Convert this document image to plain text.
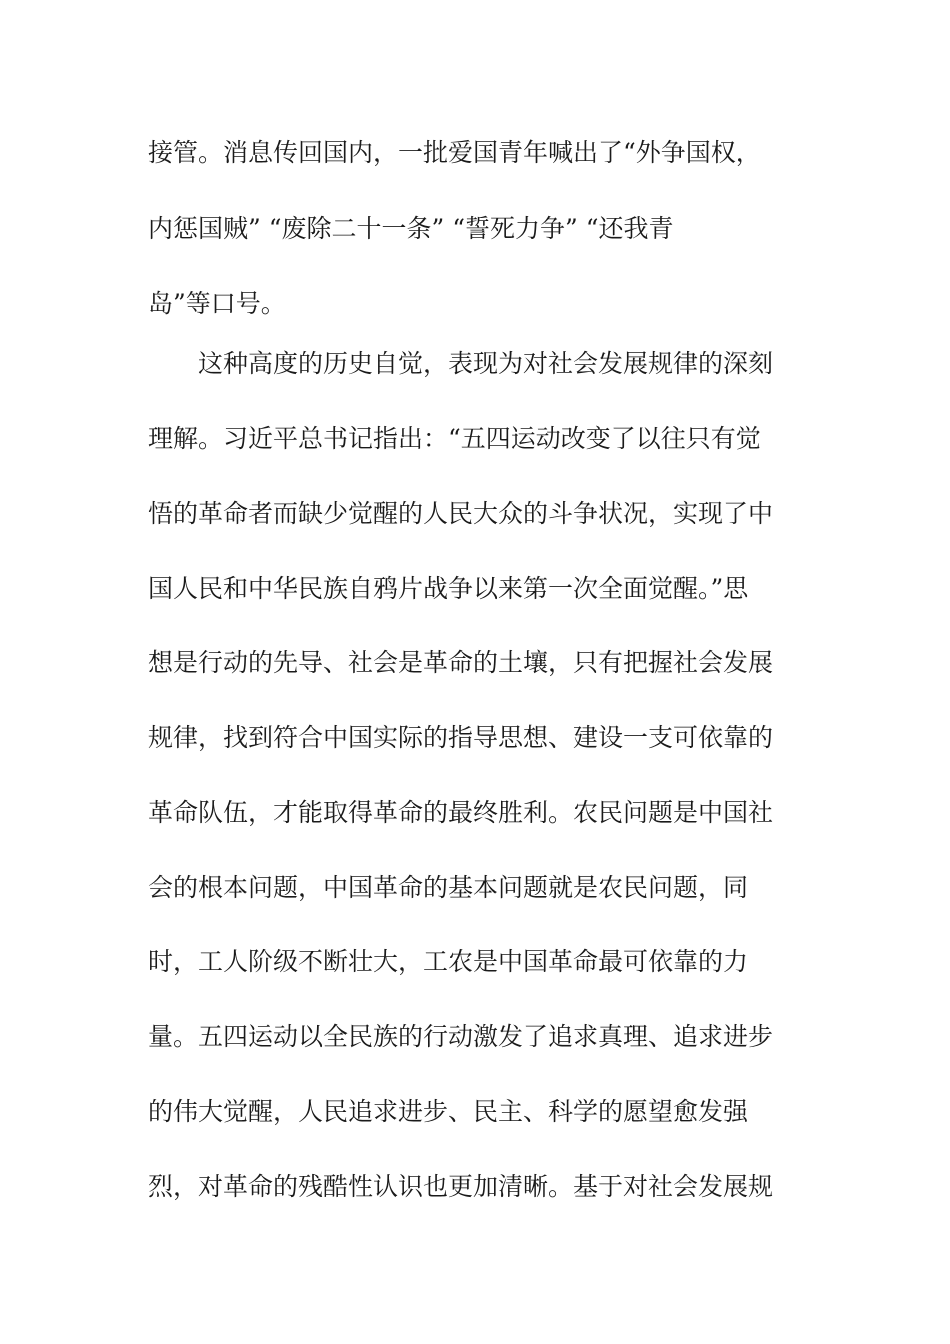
接管。消息传回国内，一批爱国青年喊出了“外争国权，
内惩国贼” “废除二十一条” “誓死力争” “还我青
岛”等口号。
这种高度的历史自觉，表现为对社会发展规律的深刻
理解。习近平总书记指出：“五四运动改变了以往只有觉
悟的革命者而缺少觉醒的人民大众的斗争状况，实现了中
国人民和中华民族自鸦片战争以来第一次全面觉醒。”思
想是行动的先导、社会是革命的土壤，只有把握社会发展
规律，找到符合中国实际的指导思想、建设一支可依靠的
革命队伍，才能取得革命的最终胜利。农民问题是中国社
会的根本问题，中国革命的基本问题就是农民问题，同
时，工人阶级不断壮大，工农是中国革命最可依靠的力
量。五四运动以全民族的行动激发了追求真理、追求进步
的伟大觉醒，人民追求进步、民主、科学的愿望愈发强
烈，对革命的残酷性认识也更加清晰。基于对社会发展规
